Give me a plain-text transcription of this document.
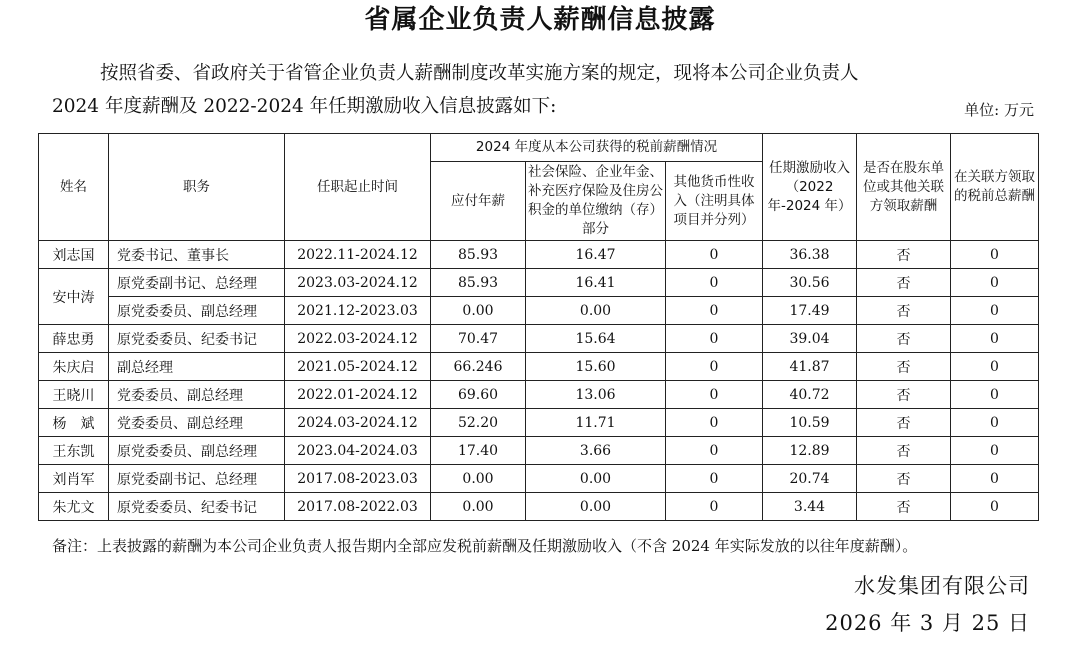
省属企业负责人薪酬信息披露
按照省委、省政府关于省管企业负责人薪酬制度改革实施方案的规定，现将本公司企业负责人
2024 年度薪酬及 2022-2024 年任期激励收入信息披露如下:	单位: 万元
姓名	职务	任职起止时间	2024 年度从本公司获得的税前薪酬情况			任期激励收入（2022 年-2024 年）	是否在股东单位或其他关联方领取薪酬	在关联方领取的税前总薪酬
			应付年薪	社会保险、企业年金、补充医疗保险及住房公积金的单位缴纳（存）部分	其他货币性收入（注明具体项目并分列）			
刘志国	党委书记、董事长	2022.11-2024.12	85.93	16.47	0	36.38	否	0
安中涛	原党委副书记、总经理	2023.03-2024.12	85.93	16.41	0	30.56	否	0
	原党委委员、副总经理	2021.12-2023.03	0.00	0.00	0	17.49	否	0
薛忠勇	原党委委员、纪委书记	2022.03-2024.12	70.47	15.64	0	39.04	否	0
朱庆启	副总经理	2021.05-2024.12	66.246	15.60	0	41.87	否	0
王晓川	党委委员、副总经理	2022.01-2024.12	69.60	13.06	0	40.72	否	0
杨　斌	党委委员、副总经理	2024.03-2024.12	52.20	11.71	0	10.59	否	0
王东凯	原党委委员、副总经理	2023.04-2024.03	17.40	3.66	0	12.89	否	0
刘肖军	原党委副书记、总经理	2017.08-2023.03	0.00	0.00	0	20.74	否	0
朱尤文	原党委委员、纪委书记	2017.08-2022.03	0.00	0.00	0	3.44	否	0
备注：上表披露的薪酬为本公司企业负责人报告期内全部应发税前薪酬及任期激励收入（不含 2024 年实际发放的以往年度薪酬）。
水发集团有限公司
2026 年 3 月 25 日
